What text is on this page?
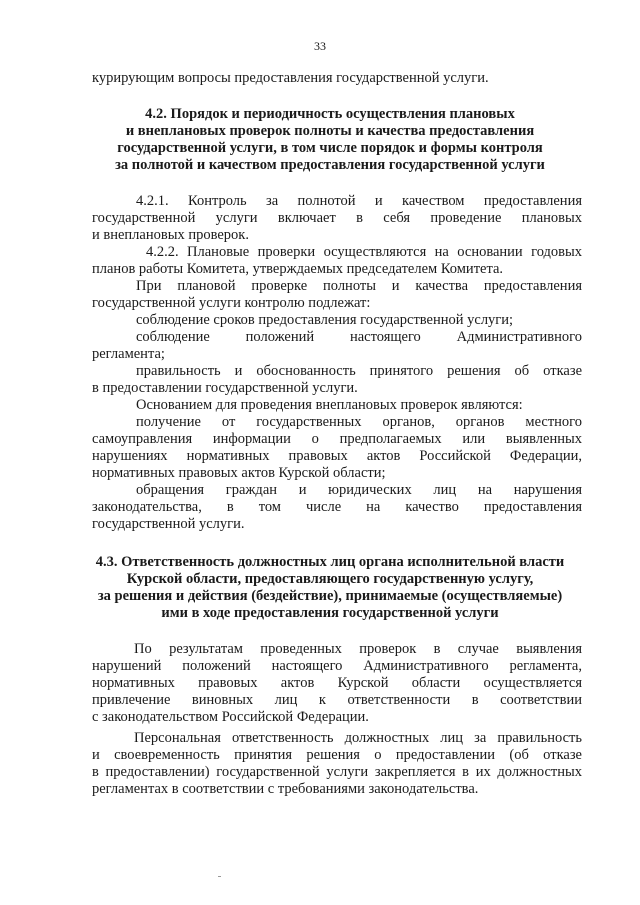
33
курирующим вопросы предоставления государственной услуги.
4.2. Порядок и периодичность осуществления плановых
и внеплановых проверок полноты и качества предоставления
государственной услуги, в том числе порядок и формы контроля
за полнотой и качеством предоставления государственной услуги
4.2.1. Контроль за полнотой и качеством предоставления
государственной услуги включает в себя проведение плановых
и внеплановых проверок.
4.2.2. Плановые проверки осуществляются на основании годовых
планов работы Комитета, утверждаемых председателем Комитета.
При плановой проверке полноты и качества предоставления
государственной услуги контролю подлежат:
соблюдение сроков предоставления государственной услуги;
соблюдение положений настоящего Административного
регламента;
правильность и обоснованность принятого решения об отказе
в предоставлении государственной услуги.
Основанием для проведения внеплановых проверок являются:
получение от государственных органов, органов местного
самоуправления информации о предполагаемых или выявленных
нарушениях нормативных правовых актов Российской Федерации,
нормативных правовых актов Курской области;
обращения граждан и юридических лиц на нарушения
законодательства, в том числе на качество предоставления
государственной услуги.
4.3. Ответственность должностных лиц органа исполнительной власти
Курской области, предоставляющего государственную услугу,
за решения и действия (бездействие), принимаемые (осуществляемые)
ими в ходе предоставления государственной услуги
По результатам проведенных проверок в случае выявления
нарушений положений настоящего Административного регламента,
нормативных правовых актов Курской области осуществляется
привлечение виновных лиц к ответственности в соответствии
с законодательством Российской Федерации.
Персональная ответственность должностных лиц за правильность
и своевременность принятия решения о предоставлении (об отказе
в предоставлении) государственной услуги закрепляется в их должностных
регламентах в соответствии с требованиями законодательства.
